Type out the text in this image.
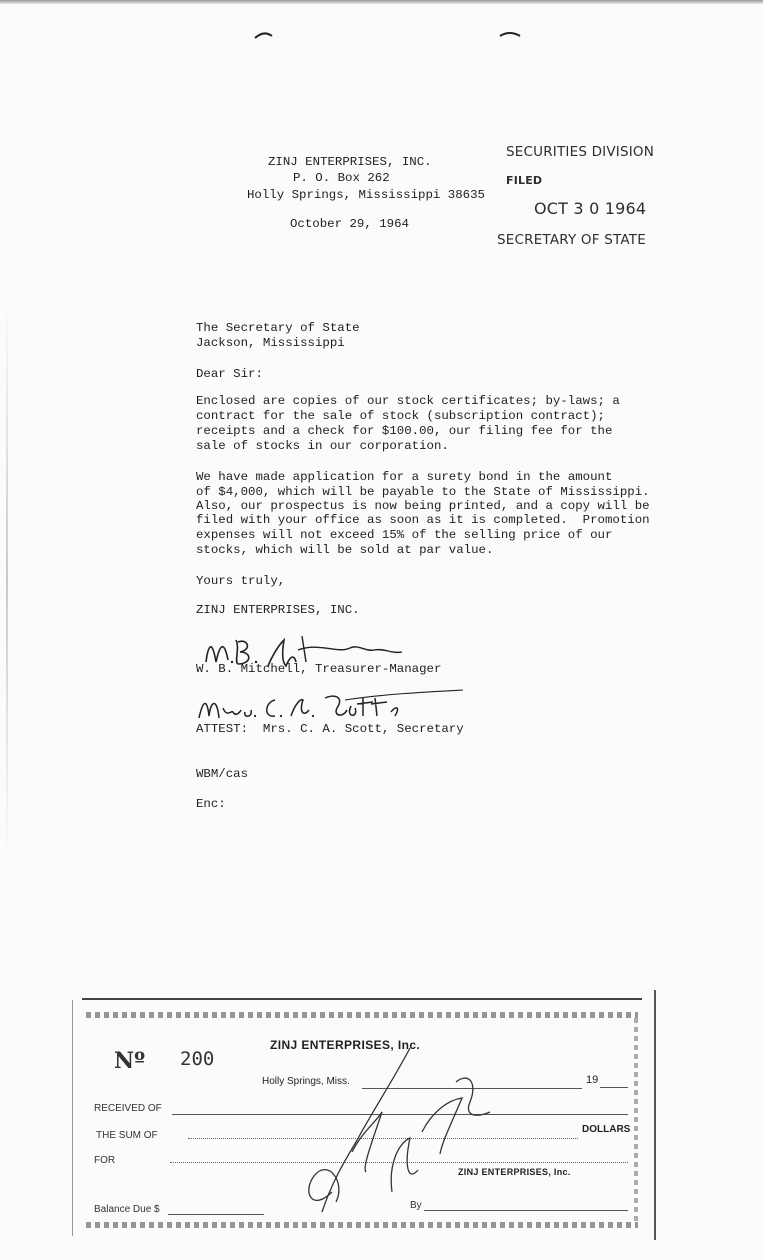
ZINJ ENTERPRISES, INC.
P. O. Box 262
Holly Springs, Mississippi 38635
October 29, 1964
SECURITIES DIVISION
FILED
OCT 3 0 1964
SECRETARY OF STATE
The Secretary of State
Jackson, Mississippi
Dear Sir:
Enclosed are copies of our stock certificates; by-laws; a
contract for the sale of stock (subscription contract);
receipts and a check for $100.00, our filing fee for the
sale of stocks in our corporation.
We have made application for a surety bond in the amount
of $4,000, which will be payable to the State of Mississippi.
Also, our prospectus is now being printed, and a copy will be
filed with your office as soon as it is completed.  Promotion
expenses will not exceed 15% of the selling price of our
stocks, which will be sold at par value.
Yours truly,
ZINJ ENTERPRISES, INC.
W. B. Mitchell, Treasurer-Manager
ATTEST:  Mrs. C. A. Scott, Secretary
WBM/cas
Enc:
Nº 200
ZINJ ENTERPRISES, Inc.
Holly Springs, Miss.	19
RECEIVED OF
THE SUM OF
DOLLARS
FOR
ZINJ ENTERPRISES, Inc.
Balance Due $	By
